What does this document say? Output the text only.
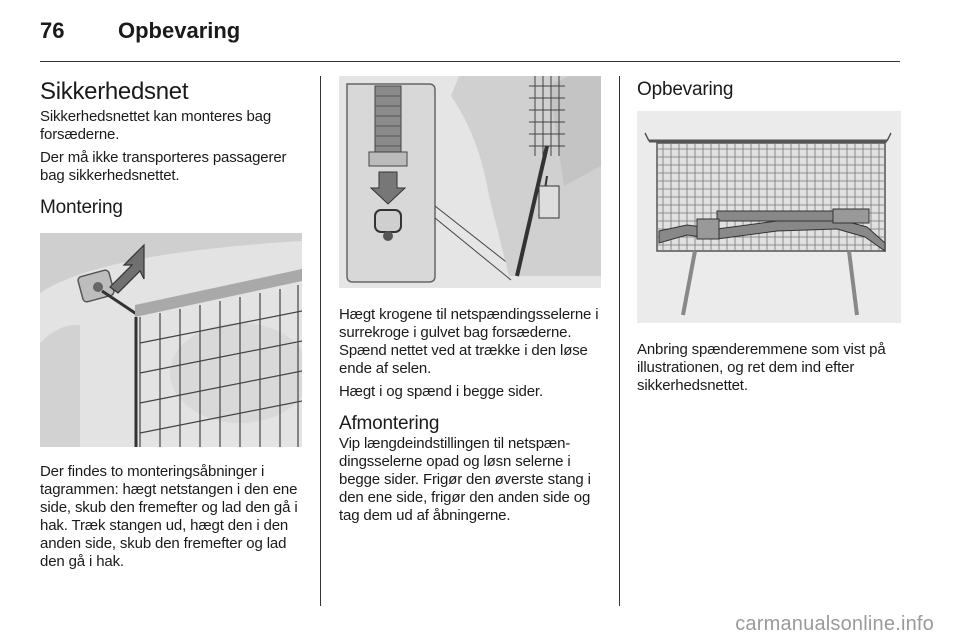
76 Opbevaring
Sikkerhedsnet

Sikkerhedsnettet kan monteres bag forsæderne.

Der må ikke transporteres passagerer bag sikkerhedsnettet.

Montering

Der findes to monteringsåbninger i tagrammen: hægt netstangen i den ene side, skub den fremefter og lad den gå i hak. Træk stangen ud, hægt den i den anden side, skub den fremefter og lad den gå i hak.

Hægt krogene til netspændingsselerne i surrekroge i gulvet bag forsæderne. Spænd nettet ved at trække i den løse ende af selen.

Hægt i og spænd i begge sider.

Afmontering

Vip længdeindstillingen til netspændingsselerne opad og løsn selerne i begge sider. Frigør den øverste stang i den ene side, frigør den anden side og tag dem ud af åbningerne.

Opbevaring

Anbring spænderemmene som vist på illustrationen, og ret dem ind efter sikkerhedsnettet.

carmanualsonline.info
